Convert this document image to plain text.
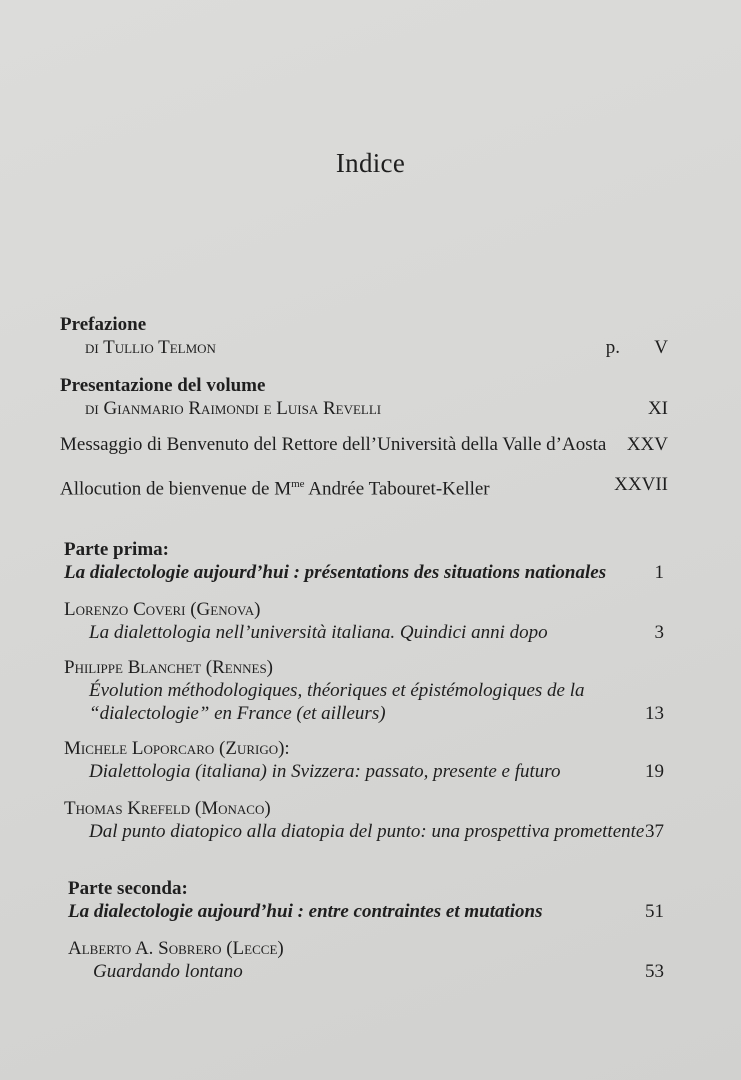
Indice
Prefazione
di Tullio Telmon	p. V
Presentazione del volume
di Gianmario Raimondi e Luisa Revelli	XI
Messaggio di Benvenuto del Rettore dell’Università della Valle d’Aosta XXV
Allocution de bienvenue de $M^{me}$ Andrée Tabouret-Keller	XXVII
Parte prima:
La dialectologie aujourd’hui : présentations des situations nationales	1
Lorenzo Coveri (Genova)
La dialettologia nell’università italiana. Quindici anni dopo	3
Philippe Blanchet (Rennes)
Évolution méthodologiques, théoriques et épistémologiques de la
“dialectologie” en France (et ailleurs)	13
Michele Loporcaro (Zurigo):
Dialettologia (italiana) in Svizzera: passato, presente e futuro	19
Thomas Krefeld (Monaco)
Dal punto diatopico alla diatopia del punto: una prospettiva promettente 37
Parte seconda:
La dialectologie aujourd’hui : entre contraintes et mutations	51
Alberto A. Sobrero (Lecce)
Guardando lontano	53
